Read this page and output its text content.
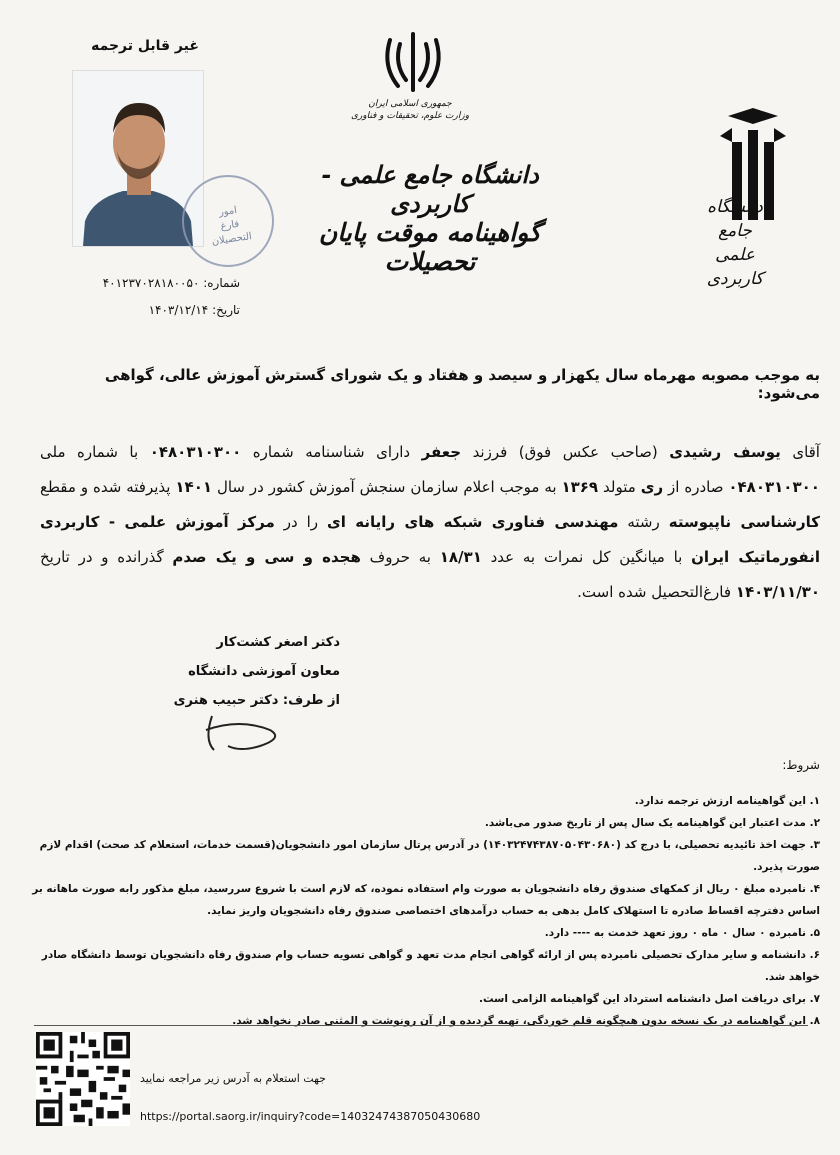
غیر قابل ترجمه
امور
فارغ التحصیلان
جمهوری اسلامی ایران
وزارت علوم، تحقیقات و فناوری
دانشگاه جامع علمی - کاربردی
گواهینامه موقت پایان تحصیلات
دانشگاه جامع
علمی کاربردی
شماره: ۴۰۱۲۳۷۰۲۸۱۸۰۰۵۰
تاریخ: ۱۴۰۳/۱۲/۱۴
به موجب مصوبه مهرماه سال یکهزار و سیصد و هفتاد و یک شورای گسترش آموزش عالی، گواهی می‌شود:

آقای یوسف رشیدی (صاحب عکس فوق) فرزند جعفر دارای شناسنامه شماره ۰۴۸۰۳۱۰۳۰۰ با شماره ملی ۰۴۸۰۳۱۰۳۰۰ صادره از ری متولد ۱۳۶۹ به موجب اعلام سازمان سنجش آموزش کشور در سال ۱۴۰۱ پذیرفته شده و مقطع کارشناسی ناپیوسته رشته مهندسی فناوری شبکه های رایانه ای را در مرکز آموزش علمی - کاربردی انفورماتیک ایران با میانگین کل نمرات به عدد ۱۸/۳۱ به حروف هجده و سی و یک صدم گذرانده و در تاریخ ۱۴۰۳/۱۱/۳۰ فارغ‌التحصیل شده است.

دکتر اصغر کشت‌کار
معاون آموزشی دانشگاه
از طرف: دکتر حبیب هنری
شروط:
۱. این گواهینامه ارزش ترجمه ندارد.
۲. مدت اعتبار این گواهینامه یک سال پس از تاریخ صدور می‌باشد.
۳. جهت اخذ تائیدیه تحصیلی، با درج کد (۱۴۰۳۲۴۷۴۳۸۷۰۵۰۴۳۰۶۸۰) در آدرس پرتال سازمان امور دانشجویان(قسمت خدمات، استعلام کد صحت) اقدام لازم صورت پذیرد.
۴. نامبرده مبلغ ۰ ریال از کمکهای صندوق رفاه دانشجویان به صورت وام استفاده نموده، که لازم است با شروع سررسید، مبلغ مذکور رابه صورت ماهانه بر اساس دفترچه اقساط صادره تا استهلاک کامل بدهی به حساب درآمدهای اختصاصی صندوق رفاه دانشجویان واریز نماید.
۵. نامبرده ۰ سال ۰ ماه ۰ روز تعهد خدمت به ---- دارد.
۶. دانشنامه و سایر مدارک تحصیلی نامبرده پس از ارائه گواهی انجام مدت تعهد و گواهی تسویه حساب وام صندوق رفاه دانشجویان توسط دانشگاه صادر خواهد شد.
۷. برای دریافت اصل دانشنامه استرداد این گواهینامه الزامی است.
۸. این گواهینامه در یک نسخه بدون هیچگونه قلم خوردگی، تهیه گردیده و از آن رونوشت و المثنی صادر نخواهد شد.
جهت استعلام به آدرس زیر مراجعه نمایید
https://portal.saorg.ir/inquiry?code=14032474387050430680
